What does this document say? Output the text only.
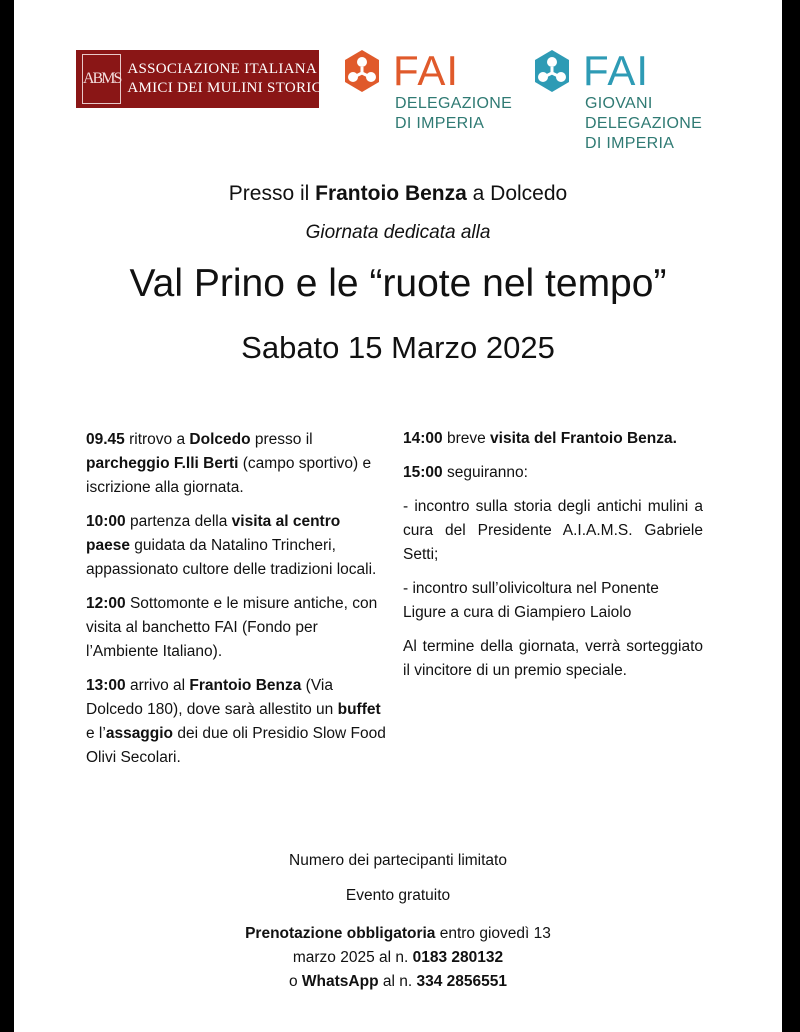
ABMS
ASSOCIAZIONE ITALIANA
AMICI DEI MULINI STORICI FAI
DELEGAZIONE
DI IMPERIA
FAI
GIOVANI
DELEGAZIONE
DI IMPERIA
Presso il Frantoio Benza a Dolcedo
Giornata dedicata alla
Val Prino e le “ruote nel tempo”
Sabato 15 Marzo 2025

09.45 ritrovo a Dolcedo presso il parcheggio F.lli Berti (campo sportivo) e iscrizione alla giornata.

10:00 partenza della visita al centro paese guidata da Natalino Trincheri, appassionato cultore delle tradizioni locali.

12:00 Sottomonte e le misure antiche, con visita al banchetto FAI (Fondo per l’Ambiente Italiano).

13:00 arrivo al Frantoio Benza (Via Dolcedo 180), dove sarà allestito un buffet e l’assaggio dei due oli Presidio Slow Food Olivi Secolari.

14:00 breve visita del Frantoio Benza.

15:00 seguiranno:

- incontro sulla storia degli antichi mulini a cura del Presidente A.I.A.M.S. Gabriele Setti;

- incontro sull’olivicoltura nel Ponente Ligure a cura di Giampiero Laiolo

Al termine della giornata, verrà sorteggiato il vincitore di un premio speciale.

Numero dei partecipanti limitato
Evento gratuito
Prenotazione obbligatoria entro giovedì 13
marzo 2025 al n. 0183 280132
o WhatsApp al n. 334 2856551
